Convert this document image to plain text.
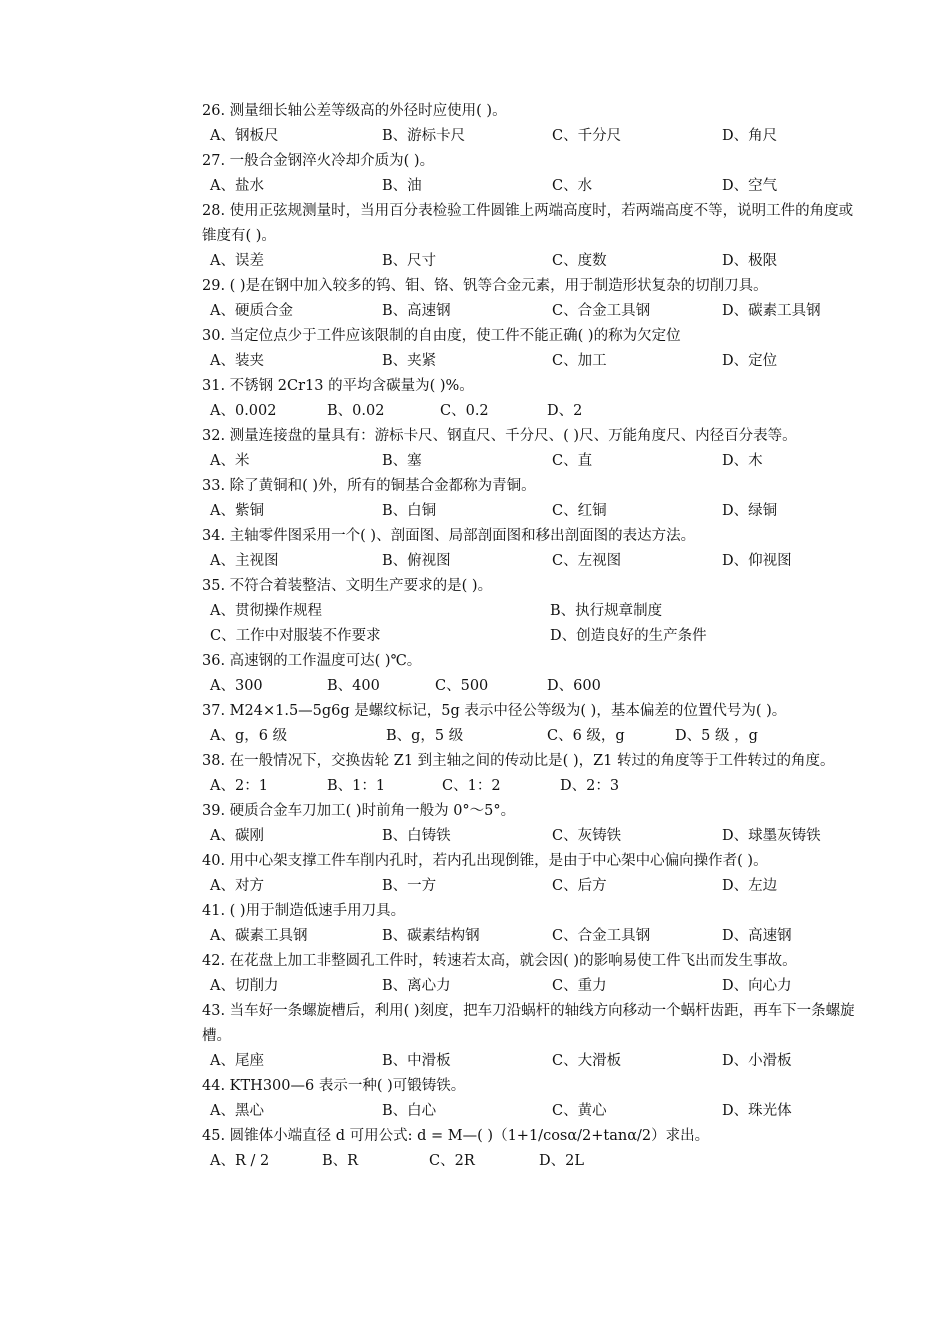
26. 测量细长轴公差等级高的外径时应使用( )。
A、钢板尺	B、游标卡尺	C、千分尺	D、角尺
27. 一般合金钢淬火冷却介质为( )。
A、盐水	B、油	C、水	D、空气
28. 使用正弦规测量时，当用百分表检验工件圆锥上两端高度时，若两端高度不等，说明工件的角度或锥度有( )。
A、误差	B、尺寸	C、度数	D、极限
29. ( )是在钢中加入较多的钨、钼、铬、钒等合金元素，用于制造形状复杂的切削刀具。
A、硬质合金	B、高速钢	C、合金工具钢	D、碳素工具钢
30. 当定位点少于工件应该限制的自由度，使工件不能正确( )的称为欠定位
A、装夹	B、夹紧	C、加工	D、定位
31. 不锈钢 2Cr13 的平均含碳量为( )%。
A、0.002	B、0.02	C、0.2	D、2
32. 测量连接盘的量具有：游标卡尺、钢直尺、千分尺、( )尺、万能角度尺、内径百分表等。
A、米	B、塞	C、直	D、木
33. 除了黄铜和( )外，所有的铜基合金都称为青铜。
A、紫铜	B、白铜	C、红铜	D、绿铜
34. 主轴零件图采用一个( )、剖面图、局部剖面图和移出剖面图的表达方法。
A、主视图	B、俯视图	C、左视图	D、仰视图
35. 不符合着装整洁、文明生产要求的是( )。
A、贯彻操作规程	B、执行规章制度
C、工作中对服装不作要求	D、创造良好的生产条件
36. 高速钢的工作温度可达( )℃。
A、300	B、400	C、500	D、600
37. M24×1.5—5g6g 是螺纹标记，5g 表示中径公等级为( )，基本偏差的位置代号为( )。
A、g，6 级	B、g，5 级	C、6 级，g	D、5 级 ，g
38. 在一般情况下，交换齿轮 Z1 到主轴之间的传动比是( )，Z1 转过的角度等于工件转过的角度。
A、2：1	B、1：1	C、1：2	D、2：3
39. 硬质合金车刀加工( )时前角一般为 0°～5°。
A、碳刚	B、白铸铁	C、灰铸铁	D、球墨灰铸铁
40. 用中心架支撑工件车削内孔时，若内孔出现倒锥，是由于中心架中心偏向操作者( )。
A、对方	B、一方	C、后方	D、左边
41. ( )用于制造低速手用刀具。
A、碳素工具钢	B、碳素结构钢	C、合金工具钢	D、高速钢
42. 在花盘上加工非整圆孔工件时，转速若太高，就会因( )的影响易使工件飞出而发生事故。
A、切削力	B、离心力	C、重力	D、向心力
43. 当车好一条螺旋槽后，利用( )刻度，把车刀沿蜗杆的轴线方向移动一个蜗杆齿距，再车下一条螺旋槽。
A、尾座	B、中滑板	C、大滑板	D、小滑板
44. KTH300—6 表示一种( )可锻铸铁。
A、黑心	B、白心	C、黄心	D、珠光体
45. 圆锥体小端直径 d 可用公式: d = M—( )（1+1/cosα/2+tanα/2）求出。
A、R / 2	B、R	C、2R	D、2L
